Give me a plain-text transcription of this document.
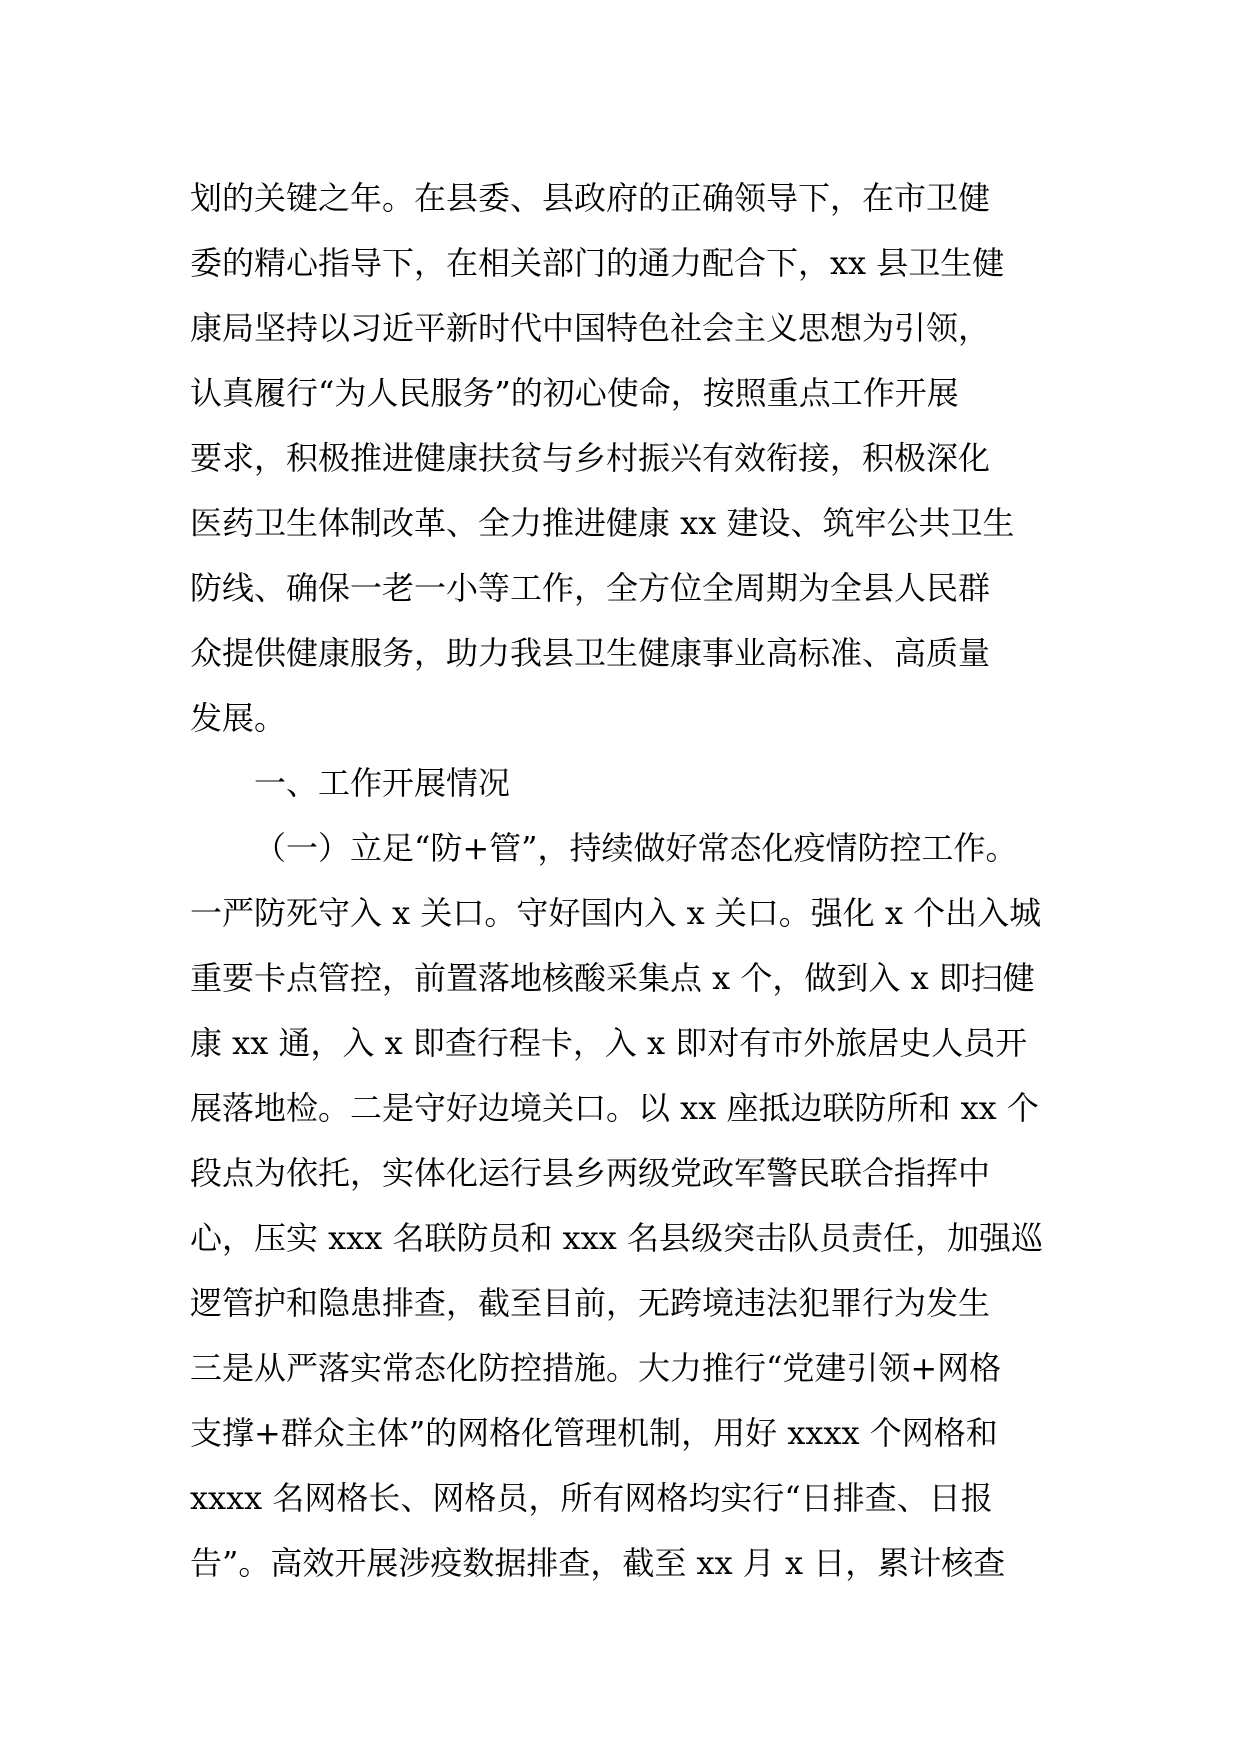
划的关键之年。在县委、县政府的正确领导下，在市卫健
委的精心指导下，在相关部门的通力配合下，xx 县卫生健
康局坚持以习近平新时代中国特色社会主义思想为引领，
认真履行“为人民服务”的初心使命，按照重点工作开展
要求，积极推进健康扶贫与乡村振兴有效衔接，积极深化
医药卫生体制改革、全力推进健康 xx 建设、筑牢公共卫生
防线、确保一老一小等工作，全方位全周期为全县人民群
众提供健康服务，助力我县卫生健康事业高标准、高质量
发展。
一、工作开展情况
（一）立足“防+管”，持续做好常态化疫情防控工作。
一严防死守入 x 关口。守好国内入 x 关口。强化 x 个出入城
重要卡点管控，前置落地核酸采集点 x 个，做到入 x 即扫健
康 xx 通，入 x 即查行程卡，入 x 即对有市外旅居史人员开
展落地检。二是守好边境关口。以 xx 座抵边联防所和 xx 个
段点为依托，实体化运行县乡两级党政军警民联合指挥中
心，压实 xxx 名联防员和 xxx 名县级突击队员责任，加强巡
逻管护和隐患排查，截至目前，无跨境违法犯罪行为发生
三是从严落实常态化防控措施。大力推行“党建引领+网格
支撑+群众主体”的网格化管理机制，用好 xxxx 个网格和
xxxx 名网格长、网格员，所有网格均实行“日排查、日报
告”。高效开展涉疫数据排查，截至 xx 月 x 日，累计核查
